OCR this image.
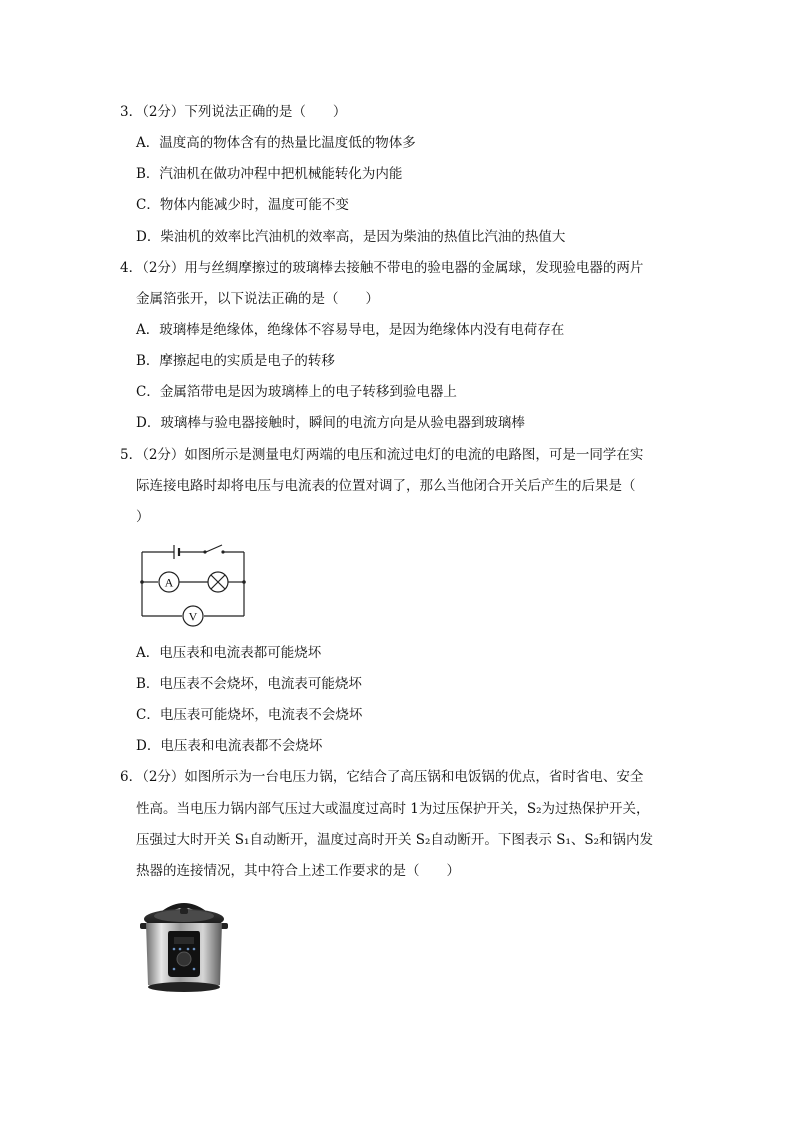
3．（2分）下列说法正确的是（　　）
A．温度高的物体含有的热量比温度低的物体多
B．汽油机在做功冲程中把机械能转化为内能
C．物体内能减少时，温度可能不变
D．柴油机的效率比汽油机的效率高，是因为柴油的热值比汽油的热值大
4．（2分）用与丝绸摩擦过的玻璃棒去接触不带电的验电器的金属球，发现验电器的两片
金属箔张开，以下说法正确的是（　　）
A．玻璃棒是绝缘体，绝缘体不容易导电，是因为绝缘体内没有电荷存在
B．摩擦起电的实质是电子的转移
C．金属箔带电是因为玻璃棒上的电子转移到验电器上
D．玻璃棒与验电器接触时，瞬间的电流方向是从验电器到玻璃棒
5．（2分）如图所示是测量电灯两端的电压和流过电灯的电流的电路图，可是一同学在实
际连接电路时却将电压与电流表的位置对调了，那么当他闭合开关后产生的后果是（
）
A
V
A．电压表和电流表都可能烧坏
B．电压表不会烧坏，电流表可能烧坏
C．电压表可能烧坏，电流表不会烧坏
D．电压表和电流表都不会烧坏
6．（2分）如图所示为一台电压力锅，它结合了高压锅和电饭锅的优点，省时省电、安全
性高。当电压力锅内部气压过大或温度过高时 1为过压保护开关，S₂为过热保护开关，
压强过大时开关 S₁自动断开，温度过高时开关 S₂自动断开。下图表示 S₁、S₂和锅内发
热器的连接情况，其中符合上述工作要求的是（　　）
